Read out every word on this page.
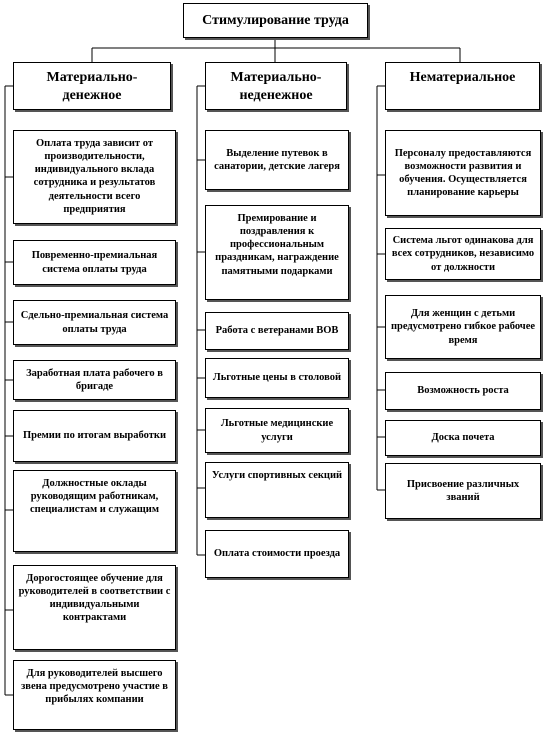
Стимулирование труда
Материально-денежное
Материально-неденежное
Нематериальное
Оплата труда зависит от производительности, индивидуального вклада сотрудника и результатов деятельности всего предприятия
Повременно-премиальная система оплаты труда
Сдельно-премиальная система оплаты труда
Заработная плата рабочего в бригаде
Премии по итогам выработки
Должностные оклады руководящим работникам, специалистам и служащим
Дорогостоящее обучение для руководителей в соответствии с индивидуальными контрактами
Для руководителей высшего звена предусмотрено участие в прибылях компании
Выделение путевок в санатории, детские лагеря
Премирование и поздравления к профессиональным праздникам, награждение памятными подарками
Работа с ветеранами ВОВ
Льготные цены в столовой
Льготные медицинские услуги
Услуги спортивных секций
Оплата стоимости проезда
Персоналу предоставляются возможности развития и обучения. Осуществляется планирование карьеры
Система льгот одинакова для всех сотрудников, независимо от должности
Для женщин с детьми предусмотрено гибкое рабочее время
Возможность роста
Доска почета
Присвоение различных званий
